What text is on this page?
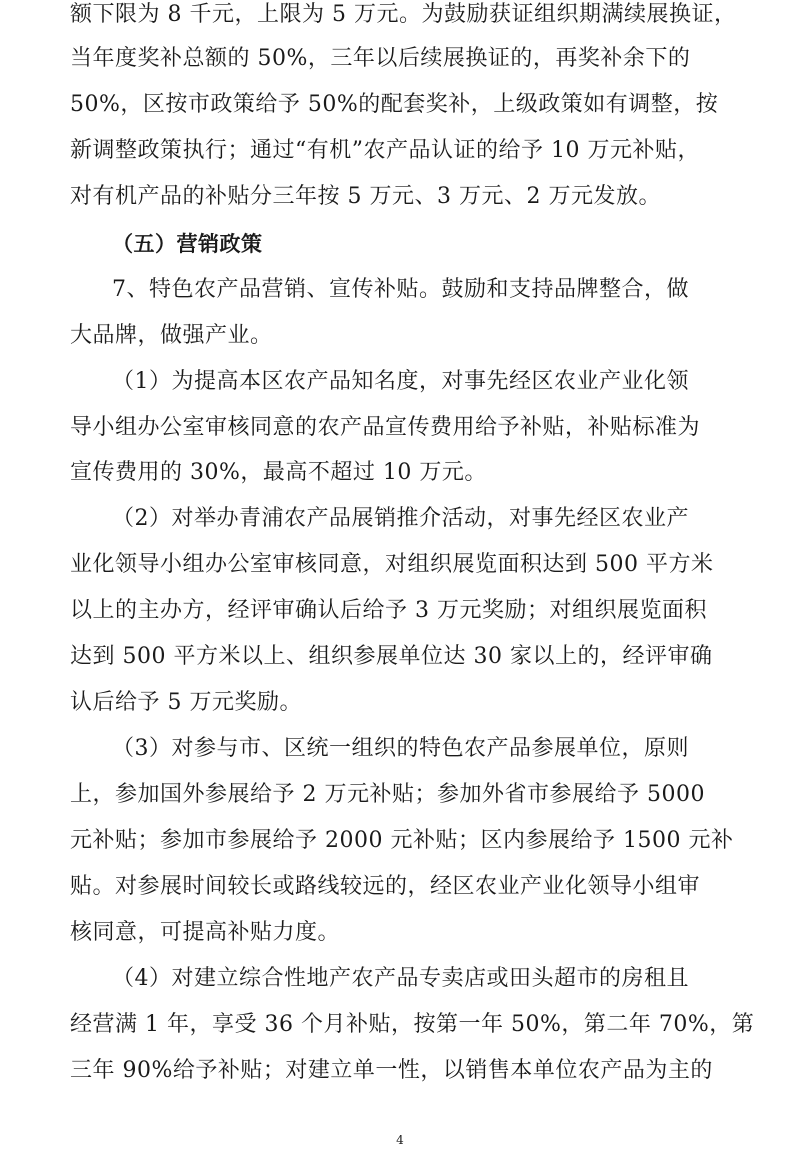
额下限为 8 千元，上限为 5 万元。为鼓励获证组织期满续展换证，
当年度奖补总额的 50%，三年以后续展换证的，再奖补余下的
50%，区按市政策给予 50%的配套奖补，上级政策如有调整，按
新调整政策执行；通过“有机”农产品认证的给予 10 万元补贴，
对有机产品的补贴分三年按 5 万元、3 万元、2 万元发放。
（五）营销政策
7、特色农产品营销、宣传补贴。鼓励和支持品牌整合，做
大品牌，做强产业。
（1）为提高本区农产品知名度，对事先经区农业产业化领
导小组办公室审核同意的农产品宣传费用给予补贴，补贴标准为
宣传费用的 30%，最高不超过 10 万元。
（2）对举办青浦农产品展销推介活动，对事先经区农业产
业化领导小组办公室审核同意，对组织展览面积达到 500 平方米
以上的主办方，经评审确认后给予 3 万元奖励；对组织展览面积
达到 500 平方米以上、组织参展单位达 30 家以上的，经评审确
认后给予 5 万元奖励。
（3）对参与市、区统一组织的特色农产品参展单位，原则
上，参加国外参展给予 2 万元补贴；参加外省市参展给予 5000
元补贴；参加市参展给予 2000 元补贴；区内参展给予 1500 元补
贴。对参展时间较长或路线较远的，经区农业产业化领导小组审
核同意，可提高补贴力度。
（4）对建立综合性地产农产品专卖店或田头超市的房租且
经营满 1 年，享受 36 个月补贴，按第一年 50%，第二年 70%，第
三年 90%给予补贴；对建立单一性，以销售本单位农产品为主的
4
